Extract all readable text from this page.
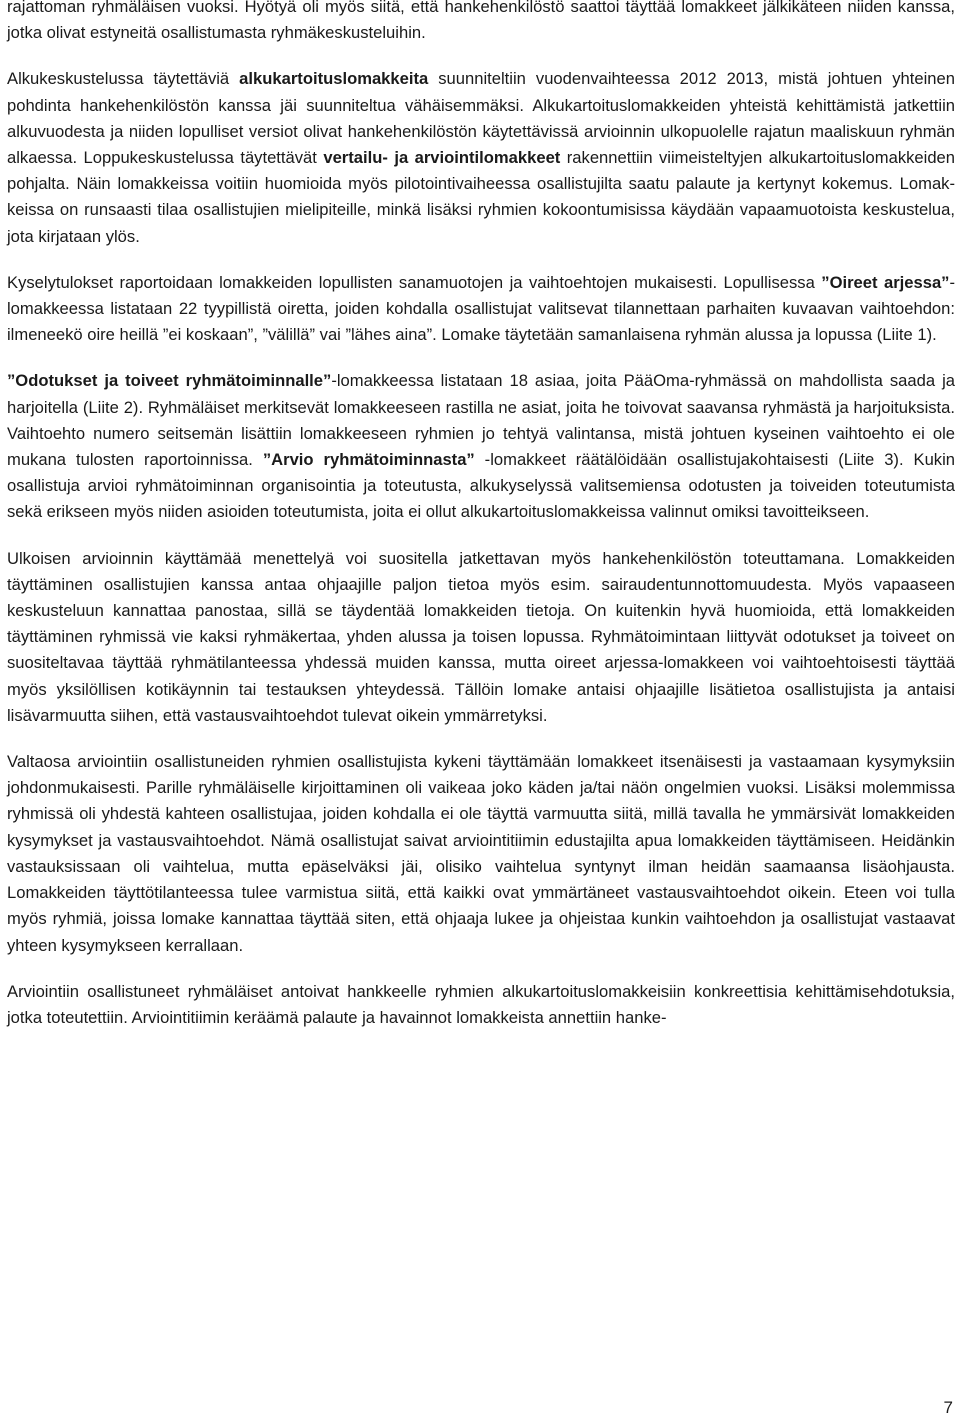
rajattoman ryhmäläisen vuoksi. Hyötyä oli myös siitä, että hankehenkilöstö saattoi täyttää lomakkeet jälkikäteen niiden kanssa, jotka olivat estyneitä osallistumasta ryhmäkeskusteluihin.

Alkukeskustelussa täytettäviä alkukartoituslomakkeita suunniteltiin vuodenvaihteessa 2012 2013, mistä johtuen yhteinen pohdinta hankehenkilöstön kanssa jäi suunniteltua vähäisemmäksi. Alkukartoituslomakkeiden yhteistä kehittämistä jatkettiin alkuvuodesta ja niiden lopulliset versiot olivat hankehenkilöstön käytettävissä arvioinnin ulkopuolelle rajatun maaliskuun ryhmän alkaessa. Loppukeskustelussa täytettävät vertailu- ja arviointilomakkeet rakennettiin viimeisteltyjen alkukartoituslomakkeiden pohjalta. Näin lomakkeissa voitiin huomioida myös pilotointivaiheessa osallistujilta saatu palaute ja kertynyt kokemus. Lomakkeissa on runsaasti tilaa osallistujien mielipiteille, minkä lisäksi ryhmien kokoontumisissa käydään vapaamuotoista keskustelua, jota kirjataan ylös.

Kyselytulokset raportoidaan lomakkeiden lopullisten sanamuotojen ja vaihtoehtojen mukaisesti. Lopullisessa ”Oireet arjessa”-lomakkeessa listataan 22 tyypillistä oiretta, joiden kohdalla osallistujat valitsevat tilannettaan parhaiten kuvaavan vaihtoehdon: ilmeneekö oire heillä ”ei koskaan”, ”välillä” vai ”lähes aina”. Lomake täytetään samanlaisena ryhmän alussa ja lopussa (Liite 1).

”Odotukset ja toiveet ryhmätoiminnalle”-lomakkeessa listataan 18 asiaa, joita PääOma-ryhmässä on mahdollista saada ja harjoitella (Liite 2). Ryhmäläiset merkitsevät lomakkeeseen rastilla ne asiat, joita he toivovat saavansa ryhmästä ja harjoituksista. Vaihtoehto numero seitsemän lisättiin lomakkeeseen ryhmien jo tehtyä valintansa, mistä johtuen kyseinen vaihtoehto ei ole mukana tulosten raportoinnissa. ”Arvio ryhmätoiminnasta” -lomakkeet räätälöidään osallistujakohtaisesti (Liite 3). Kukin osallistuja arvioi ryhmätoiminnan organisointia ja toteutusta, alkukyselyssä valitsemiensa odotusten ja toiveiden toteutumista sekä erikseen myös niiden asioiden toteutumista, joita ei ollut alkukartoituslomakkeissa valinnut omiksi tavoitteikseen.

Ulkoisen arvioinnin käyttämää menettelyä voi suositella jatkettavan myös hankehenkilöstön toteuttamana. Lomakkeiden täyttäminen osallistujien kanssa antaa ohjaajille paljon tietoa myös esim. sairaudentunnottomuudesta. Myös vapaaseen keskusteluun kannattaa panostaa, sillä se täydentää lomakkeiden tietoja. On kuitenkin hyvä huomioida, että lomakkeiden täyttäminen ryhmissä vie kaksi ryhmäkertaa, yhden alussa ja toisen lopussa. Ryhmätoimintaan liittyvät odotukset ja toiveet on suositeltavaa täyttää ryhmätilanteessa yhdessä muiden kanssa, mutta oireet arjessa-lomakkeen voi vaihtoehtoisesti täyttää myös yksilöllisen kotikäynnin tai testauksen yhteydessä. Tällöin lomake antaisi ohjaajille lisätietoa osallistujista ja antaisi lisävarmuutta siihen, että vastausvaihtoehdot tulevat oikein ymmärretyksi.

Valtaosa arviointiin osallistuneiden ryhmien osallistujista kykeni täyttämään lomakkeet itsenäisesti ja vastaamaan kysymyksiin johdonmukaisesti. Parille ryhmäläiselle kirjoittaminen oli vaikeaa joko käden ja/tai näön ongelmien vuoksi. Lisäksi molemmissa ryhmissä oli yhdestä kahteen osallistujaa, joiden kohdalla ei ole täyttä varmuutta siitä, millä tavalla he ymmärsivät lomakkeiden kysymykset ja vastausvaihtoehdot. Nämä osallistujat saivat arviointitiimin edustajilta apua lomakkeiden täyttämiseen. Heidänkin vastauksissaan oli vaihtelua, mutta epäselväksi jäi, olisiko vaihtelua syntynyt ilman heidän saamaansa lisäohjausta. Lomakkeiden täyttötilanteessa tulee varmistua siitä, että kaikki ovat ymmärtäneet vastausvaihtoehdot oikein. Eteen voi tulla myös ryhmiä, joissa lomake kannattaa täyttää siten, että ohjaaja lukee ja ohjeistaa kunkin vaihtoehdon ja osallistujat vastaavat yhteen kysymykseen kerrallaan.

Arviointiin osallistuneet ryhmäläiset antoivat hankkeelle ryhmien alkukartoituslomakkeisiin konkreettisia kehittämisehdotuksia, jotka toteutettiin. Arviointitiimin keräämä palaute ja havainnot lomakkeista annettiin hanke-

7
